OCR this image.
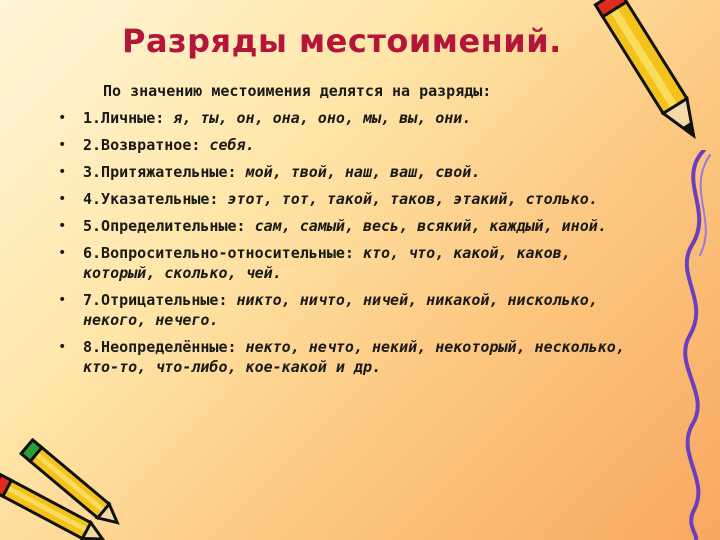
Разряды местоимений.

По значению местоимения делятся на разряды:

• 1.Личные: я, ты, он, она, оно, мы, вы, они.
• 2.Возвратное: себя.
• 3.Притяжательные: мой, твой, наш, ваш, свой.
• 4.Указательные: этот, тот, такой, таков, этакий, столько.
• 5.Определительные: сам, самый, весь, всякий, каждый, иной.
• 6.Вопросительно-относительные: кто, что, какой, каков, который, сколько, чей.
• 7.Отрицательные: никто, ничто, ничей, никакой, нисколько, некого, нечего.
• 8.Неопределённые: некто, нечто, некий, некоторый, несколько, кто-то, что-либо, кое-какой и др.
